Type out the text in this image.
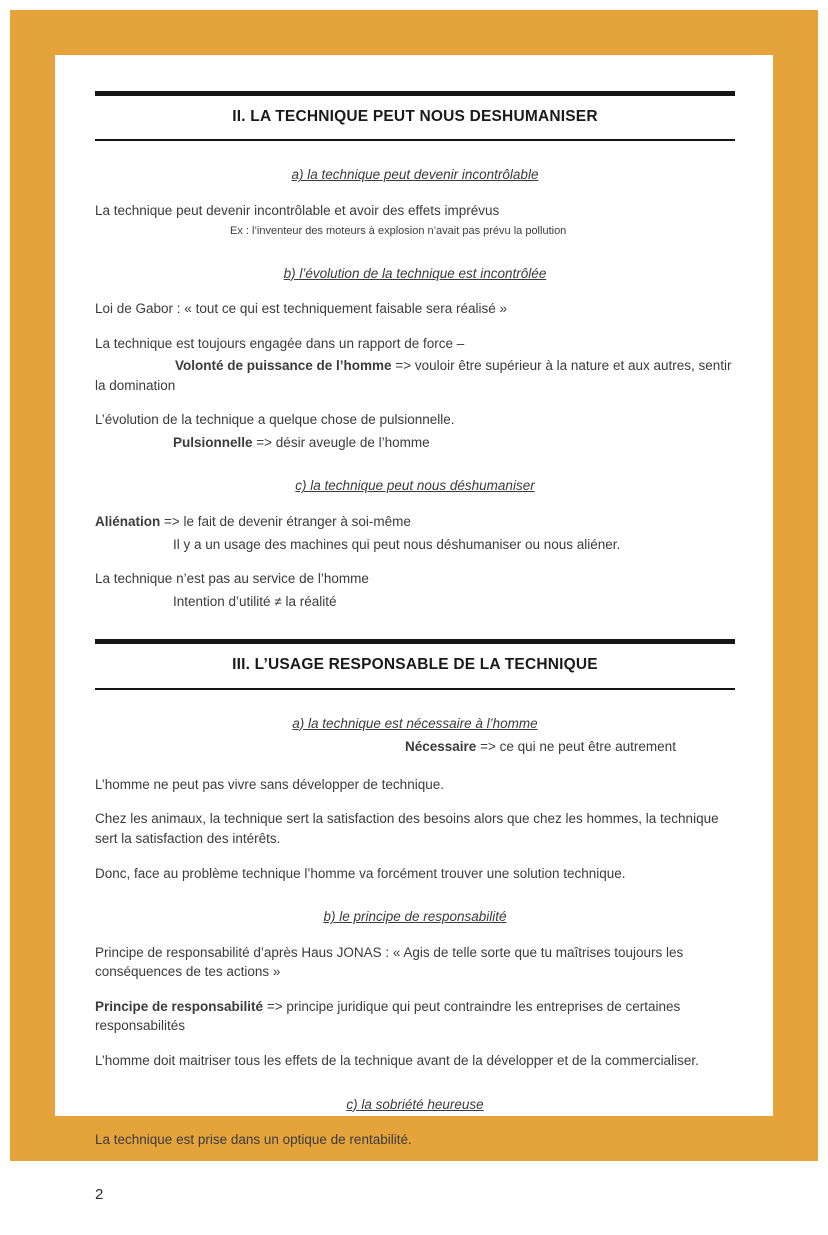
II. LA TECHNIQUE PEUT NOUS DESHUMANISER
a) la technique peut devenir incontrôlable

La technique peut devenir incontrôlable et avoir des effets imprévus

Ex : l’inventeur des moteurs à explosion n’avait pas prévu la pollution

b) l’évolution de la technique est incontrôlée

Loi de Gabor : « tout ce qui est techniquement faisable sera réalisé »

La technique est toujours engagée dans un rapport de force –

Volonté de puissance de l’homme => vouloir être supérieur à la nature et aux autres, sentir la domination

L’évolution de la technique a quelque chose de pulsionnelle.

Pulsionnelle => désir aveugle de l’homme

c) la technique peut nous déshumaniser

Aliénation => le fait de devenir étranger à soi-même

Il y a un usage des machines qui peut nous déshumaniser ou nous aliéner.

La technique n’est pas au service de l’homme

Intention d’utilité ≠ la réalité

III. L’USAGE RESPONSABLE DE LA TECHNIQUE
a) la technique est nécessaire à l’homme

Nécessaire => ce qui ne peut être autrement

L’homme ne peut pas vivre sans développer de technique.

Chez les animaux, la technique sert la satisfaction des besoins alors que chez les hommes, la technique sert la satisfaction des intérêts.

Donc, face au problème technique l’homme va forcément trouver une solution technique.

b) le principe de responsabilité

Principe de responsabilité d’après Haus JONAS : « Agis de telle sorte que tu maîtrises toujours les conséquences de tes actions »

Principe de responsabilité => principe juridique qui peut contraindre les entreprises de certaines responsabilités

L’homme doit maitriser tous les effets de la technique avant de la développer et de la commercialiser.

c) la sobriété heureuse

La technique est prise dans un optique de rentabilité.

2
